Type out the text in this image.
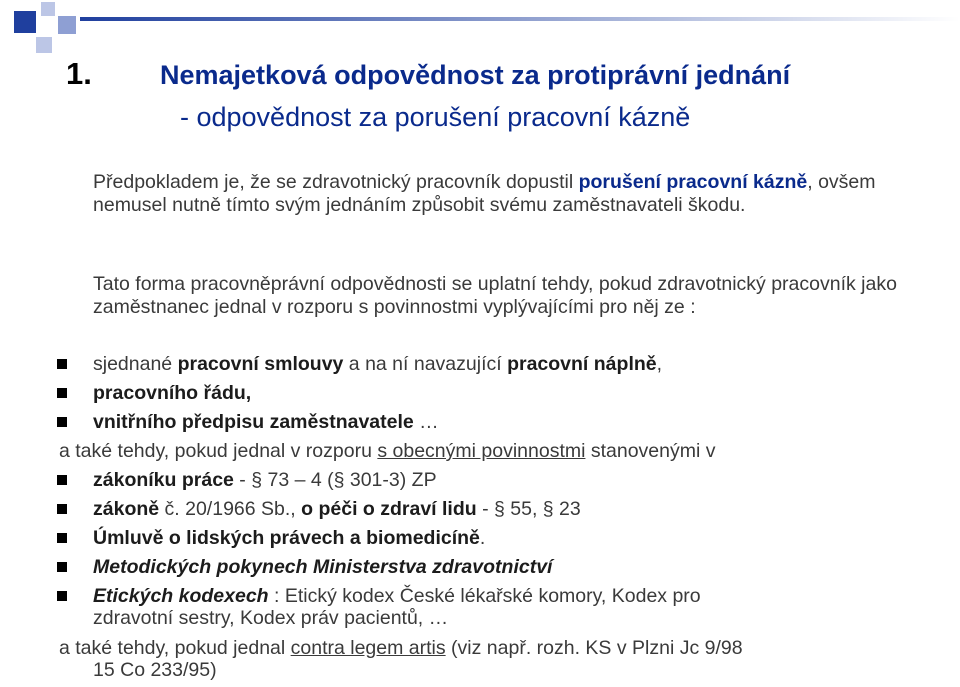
1.	Nemajetková odpovědnost za protiprávní jednání
- odpovědnost za porušení pracovní kázně
Předpokladem je, že se zdravotnický pracovník dopustil porušení pracovní kázně, ovšem nemusel nutně tímto svým jednáním způsobit svému zaměstnavateli škodu.
Tato forma pracovněprávní odpovědnosti se uplatní tehdy, pokud zdravotnický pracovník jako zaměstnanec jednal v rozporu s povinnostmi vyplývajícími pro něj ze :
sjednané pracovní smlouvy a na ní navazující pracovní náplně,
pracovního řádu,
vnitřního předpisu zaměstnavatele …
a také tehdy, pokud jednal v rozporu s obecnými povinnostmi stanovenými v
zákoníku práce - § 73 – 4 (§ 301-3) ZP
zákoně č. 20/1966 Sb., o péči o zdraví lidu - § 55, § 23
Úmluvě o lidských právech a biomedicíně.
Metodických pokynech Ministerstva zdravotnictví
Etických kodexech : Etický kodex České lékařské komory, Kodex pro
zdravotní sestry, Kodex práv pacientů, …
a také tehdy, pokud jednal contra legem artis (viz např. rozh. KS v Plzni Jc 9/98
15 Co 233/95)
